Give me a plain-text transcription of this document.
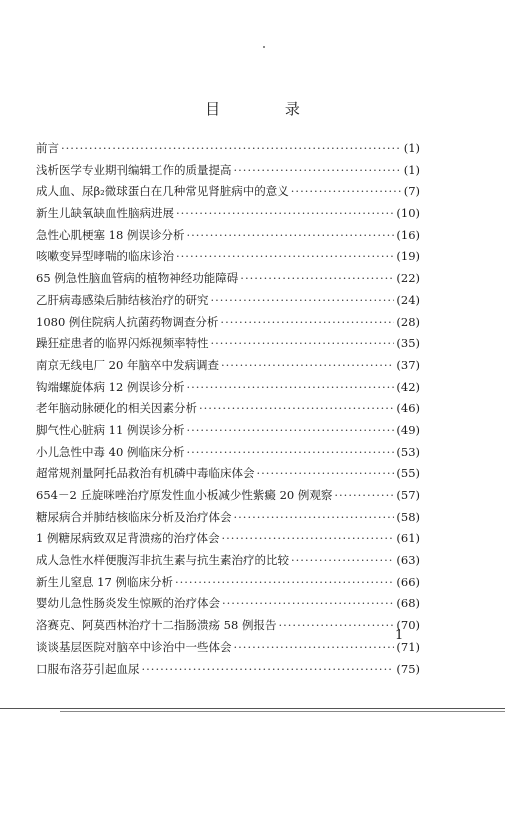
目 录
前言 ·····	(1)
浅析医学专业期刊编辑工作的质量提高 ·····	(1)
成人血、尿β₂微球蛋白在几种常见肾脏病中的意义 ·····	(7)
新生儿缺氧缺血性脑病进展 ·····	(10)
急性心肌梗塞 18 例误诊分析 ·····	(16)
咳嗽变异型哮喘的临床诊治 ·····	(19)
65 例急性脑血管病的植物神经功能障碍 ·····	(22)
乙肝病毒感染后肺结核治疗的研究 ·····	(24)
1080 例住院病人抗菌药物调查分析 ·····	(28)
躁狂症患者的临界闪烁视频率特性 ·····	(35)
南京无线电厂 20 年脑卒中发病调查 ·····	(37)
钩端螺旋体病 12 例误诊分析 ·····	(42)
老年脑动脉硬化的相关因素分析 ·····	(46)
脚气性心脏病 11 例误诊分析 ·····	(49)
小儿急性中毒 40 例临床分析 ·····	(53)
超常规剂量阿托品救治有机磷中毒临床体会 ·····	(55)
654－2 丘旋咪唑治疗原发性血小板减少性紫癜 20 例观察 ·····	(57)
糖尿病合并肺结核临床分析及治疗体会 ·····	(58)
1 例糖尿病致双足背溃疡的治疗体会 ·····	(61)
成人急性水样便腹泻非抗生素与抗生素治疗的比较 ·····	(63)
新生儿窒息 17 例临床分析 ·····	(66)
婴幼儿急性肠炎发生惊厥的治疗体会 ·····	(68)
洛赛克、阿莫西林治疗十二指肠溃疡 58 例报告 ·····	(70)
谈谈基层医院对脑卒中诊治中一些体会 ·····	(71)
口服布洛芬引起血尿 ·····	(75)
1
